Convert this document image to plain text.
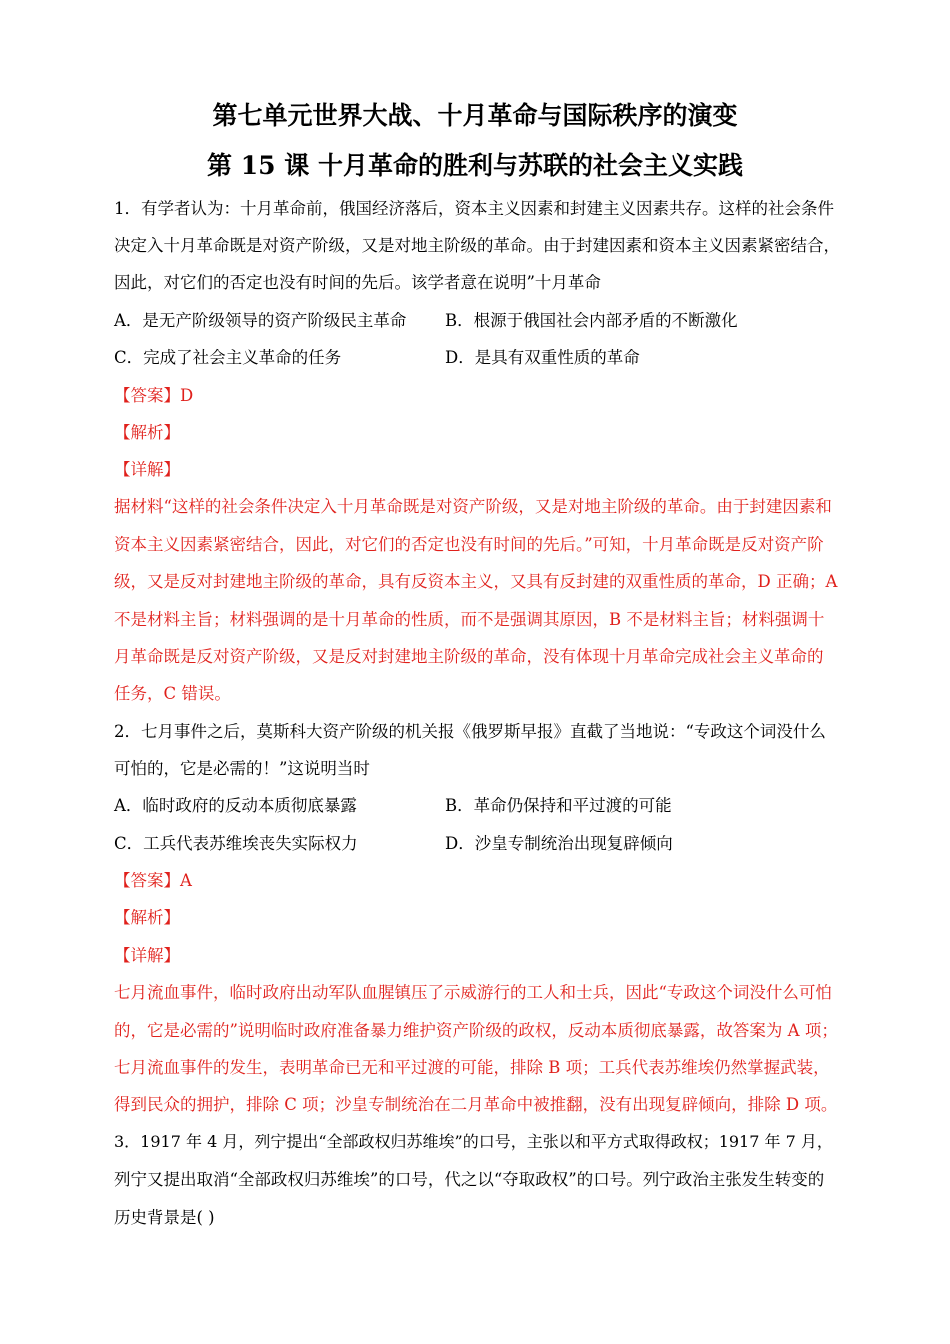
第七单元世界大战、十月革命与国际秩序的演变
第 15 课 十月革命的胜利与苏联的社会主义实践
1．有学者认为：十月革命前，俄国经济落后，资本主义因素和封建主义因素共存。这样的社会条件
决定入十月革命既是对资产阶级，又是对地主阶级的革命。由于封建因素和资本主义因素紧密结合，
因此，对它们的否定也没有时间的先后。该学者意在说明”十月革命
A．是无产阶级领导的资产阶级民主革命 B．根源于俄国社会内部矛盾的不断激化
C．完成了社会主义革命的任务	D．是具有双重性质的革命
【答案】D
【解析】
【详解】
据材料“这样的社会条件决定入十月革命既是对资产阶级，又是对地主阶级的革命。由于封建因素和
资本主义因素紧密结合，因此，对它们的否定也没有时间的先后。”可知，十月革命既是反对资产阶
级，又是反对封建地主阶级的革命，具有反资本主义，又具有反封建的双重性质的革命，D 正确；A
不是材料主旨；材料强调的是十月革命的性质，而不是强调其原因，B 不是材料主旨；材料强调十
月革命既是反对资产阶级，又是反对封建地主阶级的革命，没有体现十月革命完成社会主义革命的
任务，C 错误。
2．七月事件之后，莫斯科大资产阶级的机关报《俄罗斯早报》直截了当地说：“专政这个词没什么
可怕的，它是必需的！”这说明当时
A．临时政府的反动本质彻底暴露	B．革命仍保持和平过渡的可能
C．工兵代表苏维埃丧失实际权力	D．沙皇专制统治出现复辟倾向
【答案】A
【解析】
【详解】
七月流血事件，临时政府出动军队血腥镇压了示威游行的工人和士兵，因此“专政这个词没什么可怕
的，它是必需的”说明临时政府准备暴力维护资产阶级的政权，反动本质彻底暴露，故答案为 A 项；
七月流血事件的发生，表明革命已无和平过渡的可能，排除 B 项；工兵代表苏维埃仍然掌握武装，
得到民众的拥护，排除 C 项；沙皇专制统治在二月革命中被推翻，没有出现复辟倾向，排除 D 项。
3．1917 年 4 月，列宁提出“全部政权归苏维埃”的口号，主张以和平方式取得政权；1917 年 7 月，
列宁又提出取消“全部政权归苏维埃”的口号，代之以“夺取政权”的口号。列宁政治主张发生转变的
历史背景是( )
